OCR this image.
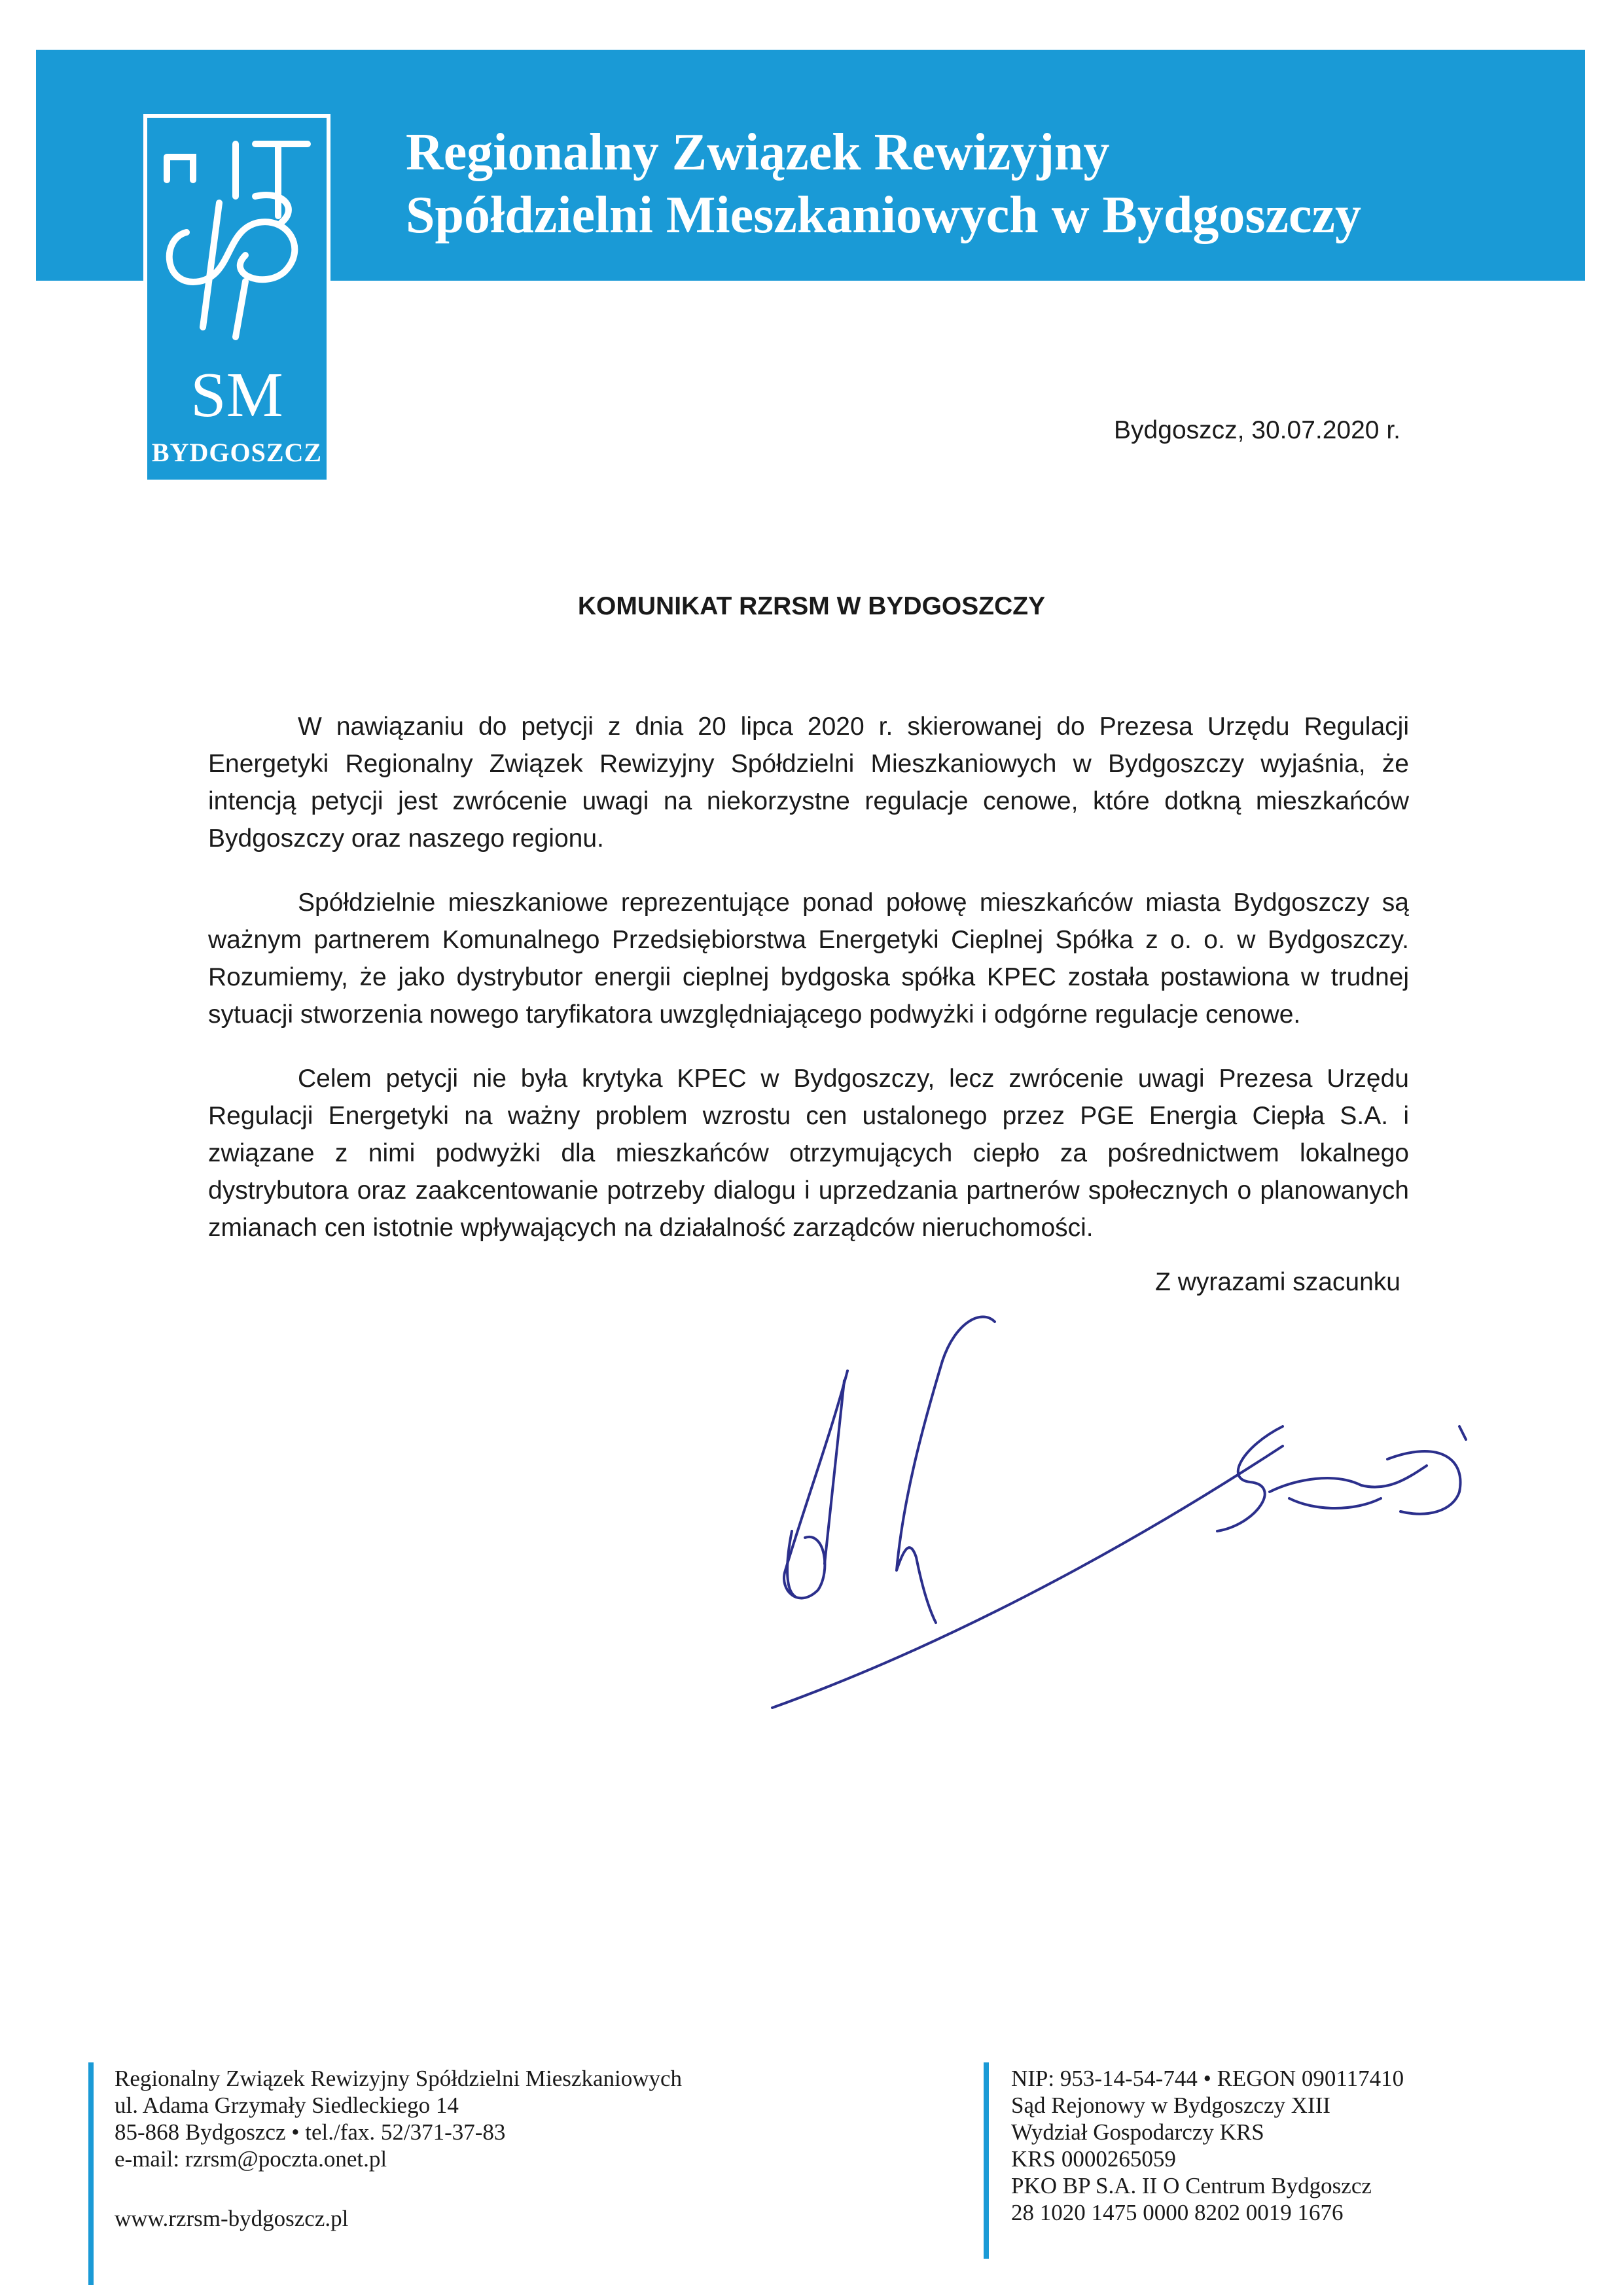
SM
BYDGOSZCZ
Regionalny Związek Rewizyjny
Spółdzielni Mieszkaniowych w Bydgoszczy
Bydgoszcz, 30.07.2020 r.
KOMUNIKAT RZRSM W BYDGOSZCZY

W nawiązaniu do petycji z dnia 20 lipca 2020 r. skierowanej do Prezesa Urzędu Regulacji Energetyki Regionalny Związek Rewizyjny Spółdzielni Mieszkaniowych w Bydgoszczy wyjaśnia, że intencją petycji jest zwrócenie uwagi na niekorzystne regulacje cenowe, które dotkną mieszkańców Bydgoszczy oraz naszego regionu.

Spółdzielnie mieszkaniowe reprezentujące ponad połowę mieszkańców miasta Bydgoszczy są ważnym partnerem Komunalnego Przedsiębiorstwa Energetyki Cieplnej Spółka z o. o. w Bydgoszczy. Rozumiemy, że jako dystrybutor energii cieplnej bydgoska spółka KPEC została postawiona w trudnej sytuacji stworzenia nowego taryfikatora uwzględniającego podwyżki i odgórne regulacje cenowe.

Celem petycji nie była krytyka KPEC w Bydgoszczy, lecz zwrócenie uwagi Prezesa Urzędu Regulacji Energetyki na ważny problem wzrostu cen ustalonego przez PGE Energia Ciepła S.A. i związane z nimi podwyżki dla mieszkańców otrzymujących ciepło za pośrednictwem lokalnego dystrybutora oraz zaakcentowanie potrzeby dialogu i uprzedzania partnerów społecznych o planowanych zmianach cen istotnie wpływających na działalność zarządców nieruchomości.

Z wyrazami szacunku
Regionalny Związek Rewizyjny Spółdzielni Mieszkaniowych
ul. Adama Grzymały Siedleckiego 14
85-868 Bydgoszcz • tel./fax. 52/371-37-83
e-mail: rzrsm@poczta.onet.pl
www.rzrsm-bydgoszcz.pl
NIP: 953-14-54-744 • REGON 090117410
Sąd Rejonowy w Bydgoszczy XIII
Wydział Gospodarczy KRS
KRS 0000265059
PKO BP S.A. II O Centrum Bydgoszcz
28 1020 1475 0000 8202 0019 1676
